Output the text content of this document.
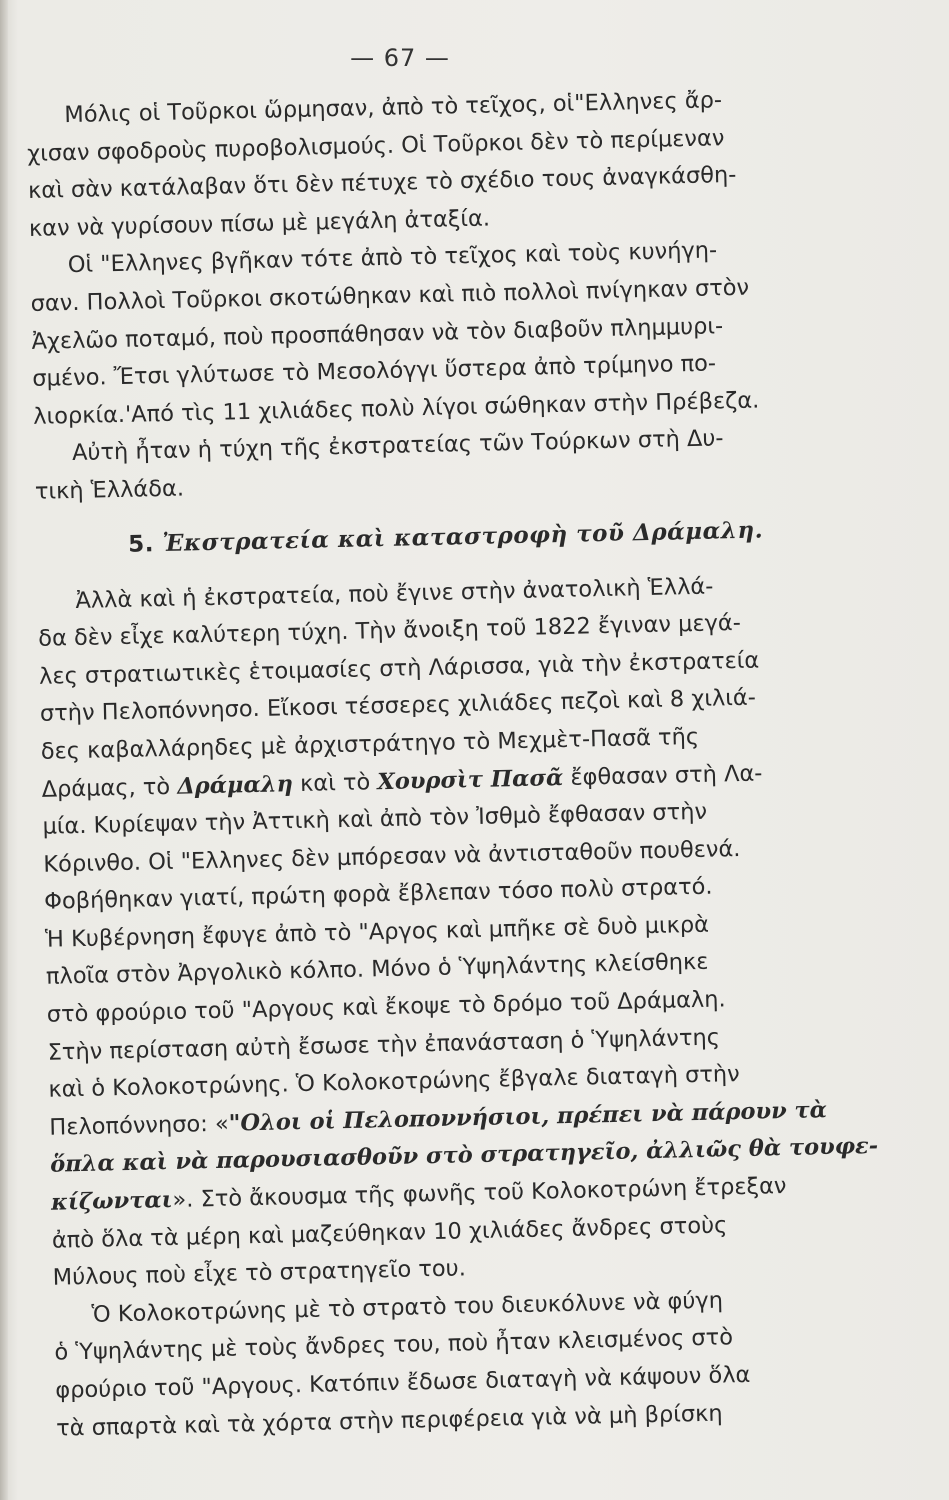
— 67 —
Μόλις οἱ Τοῦρκοι ὥρμησαν, ἀπὸ τὸ τεῖχος, οἱ"Ελληνες ἄρ-
χισαν σφοδροὺς πυροβολισμούς. Οἱ Τοῦρκοι δὲν τὸ περίμεναν
καὶ σὰν κατάλαβαν ὅτι δὲν πέτυχε τὸ σχέδιο τους ἀναγκάσθη-
καν νὰ γυρίσουν πίσω μὲ μεγάλη ἀταξία.
Οἱ "Ελληνες βγῆκαν τότε ἀπὸ τὸ τεῖχος καὶ τοὺς κυνήγη-
σαν. Πολλοὶ Τοῦρκοι σκοτώθηκαν καὶ πιὸ πολλοὶ πνίγηκαν στὸν
Ἀχελῶο ποταμό, ποὺ προσπάθησαν νὰ τὸν διαβοῦν πλημμυρι-
σμένο. Ἔτσι γλύτωσε τὸ Μεσολόγγι ὕστερα ἀπὸ τρίμηνο πο-
λιορκία.'Από τὶς 11 χιλιάδες πολὺ λίγοι σώθηκαν στὴν Πρέβεζα.
Αὐτὴ ἦταν ἡ τύχη τῆς ἐκστρατείας τῶν Τούρκων στὴ Δυ-
τικὴ Ἑλλάδα.
5. Ἐκστρατεία καὶ καταστροφὴ τοῦ Δράμαλη.
Ἀλλὰ καὶ ἡ ἐκστρατεία, ποὺ ἔγινε στὴν ἀνατολικὴ Ἑλλά-
δα δὲν εἶχε καλύτερη τύχη. Τὴν ἄνοιξη τοῦ 1822 ἔγιναν μεγά-
λες στρατιωτικὲς ἑτοιμασίες στὴ Λάρισσα, γιὰ τὴν ἐκστρατεία
στὴν Πελοπόννησο. Εἴκοσι τέσσερες χιλιάδες πεζοὶ καὶ 8 χιλιά-
δες καβαλλάρηδες μὲ ἀρχιστράτηγο τὸ Μεχμὲτ-Πασᾶ τῆς
Δράμας, τὸ Δράμαλη καὶ τὸ Χουρσὶτ Πασᾶ ἔφθασαν στὴ Λα-
μία. Κυρίεψαν τὴν Ἀττικὴ καὶ ἀπὸ τὸν Ἰσθμὸ ἔφθασαν στὴν
Κόρινθο. Οἱ "Ελληνες δὲν μπόρεσαν νὰ ἀντισταθοῦν πουθενά.
Φοβήθηκαν γιατί, πρώτη φορὰ ἔβλεπαν τόσο πολὺ στρατό.
Ἡ Κυβέρνηση ἔφυγε ἀπὸ τὸ "Αργος καὶ μπῆκε σὲ δυὸ μικρὰ
πλοῖα στὸν Ἀργολικὸ κόλπο. Μόνο ὁ Ὑψηλάντης κλείσθηκε
στὸ φρούριο τοῦ "Αργους καὶ ἔκοψε τὸ δρόμο τοῦ Δράμαλη.
Στὴν περίσταση αὐτὴ ἔσωσε τὴν ἐπανάσταση ὁ Ὑψηλάντης
καὶ ὁ Κολοκοτρώνης. Ὁ Κολοκοτρώνης ἔβγαλε διαταγὴ στὴν
Πελοπόννησο: «"Ολοι οἱ Πελοποννήσιοι, πρέπει νὰ πάρουν τὰ
ὅπλα καὶ νὰ παρουσιασθοῦν στὸ στρατηγεῖο, ἀλλιῶς θὰ τουφε-
κίζωνται». Στὸ ἄκουσμα τῆς φωνῆς τοῦ Κολοκοτρώνη ἔτρεξαν
ἀπὸ ὅλα τὰ μέρη καὶ μαζεύθηκαν 10 χιλιάδες ἄνδρες στοὺς
Μύλους ποὺ εἶχε τὸ στρατηγεῖο του.
Ὁ Κολοκοτρώνης μὲ τὸ στρατὸ του διευκόλυνε νὰ φύγη
ὁ Ὑψηλάντης μὲ τοὺς ἄνδρες του, ποὺ ἦταν κλεισμένος στὸ
φρούριο τοῦ "Αργους. Κατόπιν ἔδωσε διαταγὴ νὰ κάψουν ὅλα
τὰ σπαρτὰ καὶ τὰ χόρτα στὴν περιφέρεια γιὰ νὰ μὴ βρίσκη
